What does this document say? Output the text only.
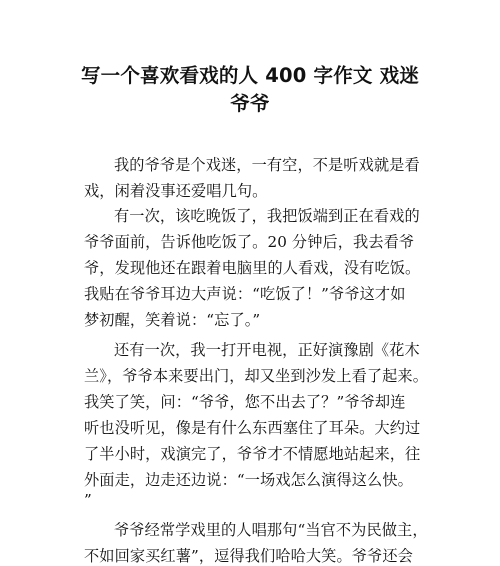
写一个喜欢看戏的人 400 字作文 戏迷
爷爷
我的爷爷是个戏迷，一有空，不是听戏就是看
戏，闲着没事还爱唱几句。
有一次，该吃晚饭了，我把饭端到正在看戏的
爷爷面前，告诉他吃饭了。20 分钟后，我去看爷
爷，发现他还在跟着电脑里的人看戏，没有吃饭。
我贴在爷爷耳边大声说：“吃饭了！”爷爷这才如
梦初醒，笑着说：“忘了。”
还有一次，我一打开电视，正好演豫剧《花木
兰》，爷爷本来要出门，却又坐到沙发上看了起来。
我笑了笑，问：“爷爷，您不出去了？”爷爷却连
听也没听见，像是有什么东西塞住了耳朵。大约过
了半小时，戏演完了，爷爷才不情愿地站起来，往
外面走，边走还边说：“一场戏怎么演得这么快。
”
爷爷经常学戏里的人唱那句“当官不为民做主，
不如回家买红薯”，逗得我们哈哈大笑。爷爷还会
